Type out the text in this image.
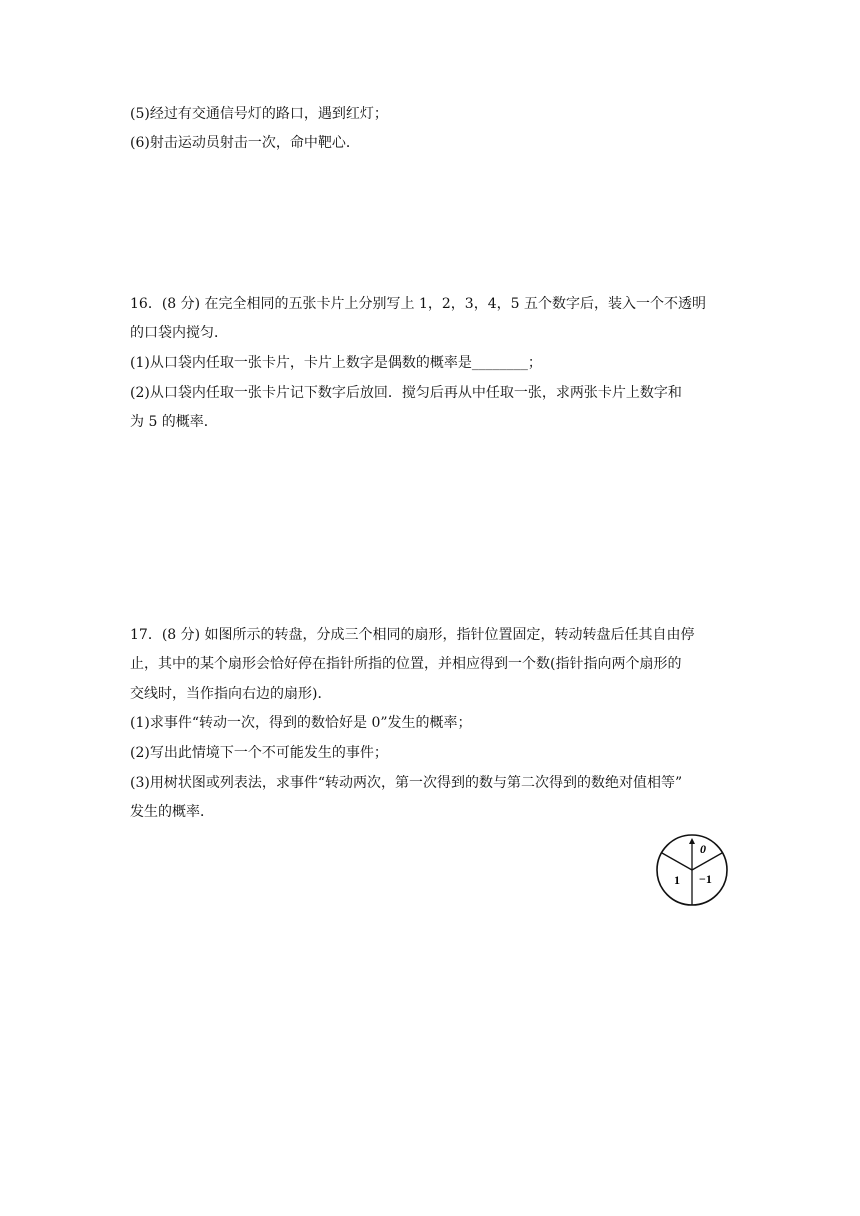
(5)经过有交通信号灯的路口，遇到红灯；
(6)射击运动员射击一次，命中靶心．
16．(8 分) 在完全相同的五张卡片上分别写上 1，2，3，4，5 五个数字后，装入一个不透明
的口袋内搅匀．
(1)从口袋内任取一张卡片，卡片上数字是偶数的概率是________；
(2)从口袋内任取一张卡片记下数字后放回．搅匀后再从中任取一张，求两张卡片上数字和
为 5 的概率．
17．(8 分) 如图所示的转盘，分成三个相同的扇形，指针位置固定，转动转盘后任其自由停
止，其中的某个扇形会恰好停在指针所指的位置，并相应得到一个数(指针指向两个扇形的
交线时，当作指向右边的扇形)．
(1)求事件“转动一次，得到的数恰好是 0”发生的概率；
(2)写出此情境下一个不可能发生的事件；
(3)用树状图或列表法，求事件“转动两次，第一次得到的数与第二次得到的数绝对值相等”
发生的概率．
0
1 −1
